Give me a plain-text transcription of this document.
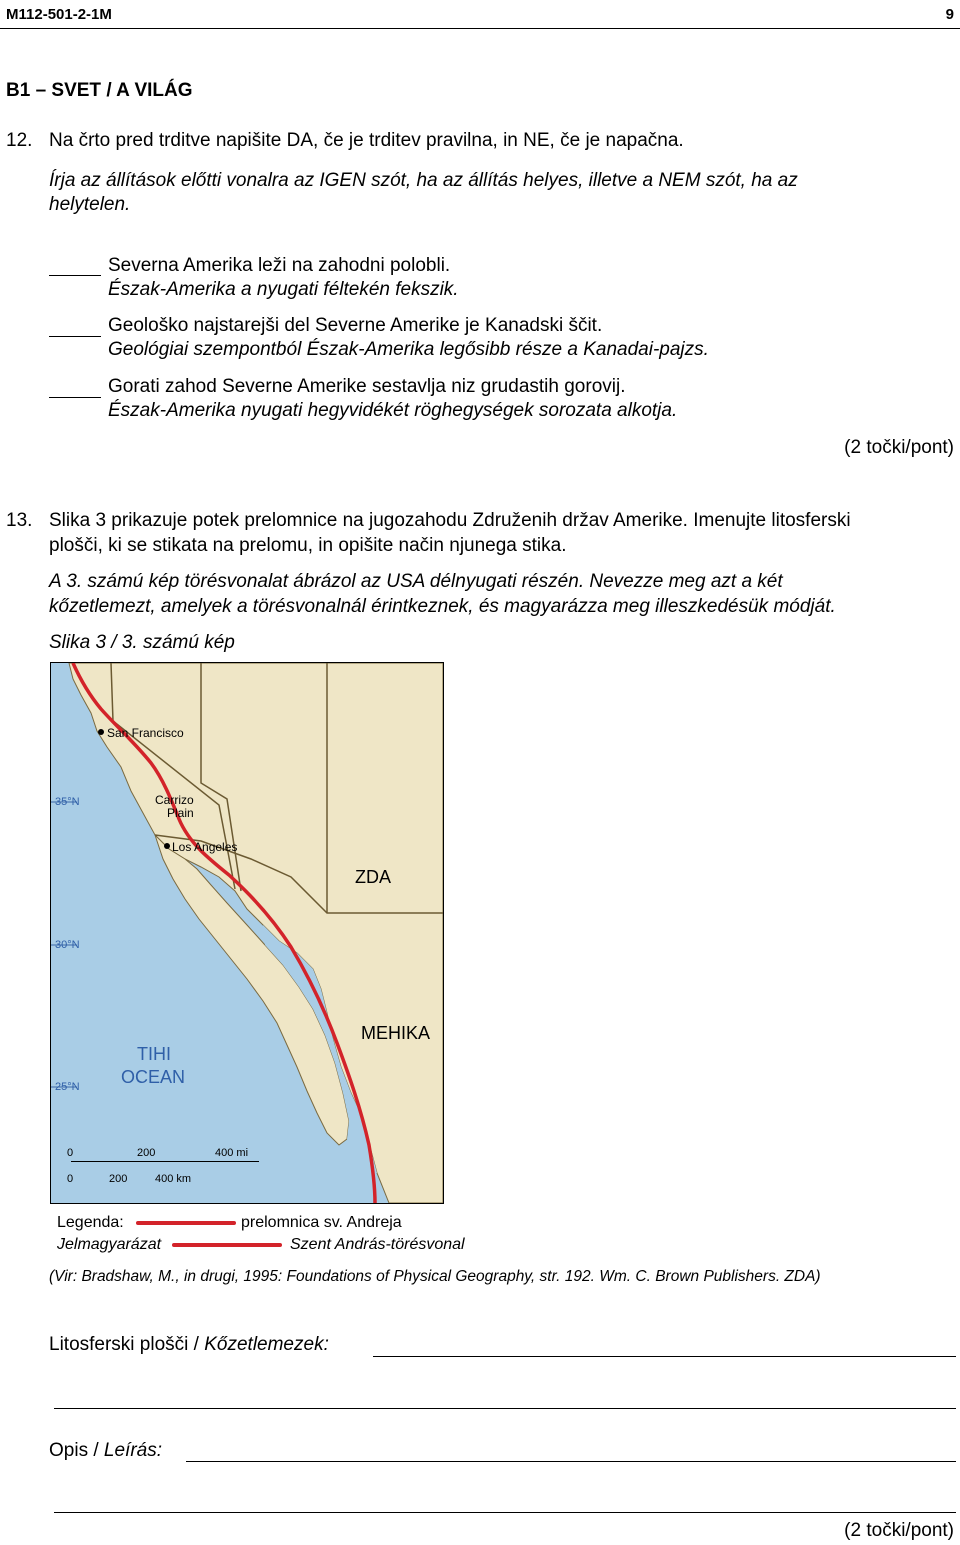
M112-501-2-1M	9
B1 – SVET / A VILÁG
12. Na črto pred trditve napišite DA, če je trditev pravilna, in NE, če je napačna.
Írja az állítások előtti vonalra az IGEN szót, ha az állítás helyes, illetve a NEM szót, ha az
helytelen.
Severna Amerika leži na zahodni polobli.
Észak-Amerika a nyugati féltekén fekszik.
Geološko najstarejši del Severne Amerike je Kanadski ščit.
Geológiai szempontból Észak-Amerika legősibb része a Kanadai-pajzs.
Gorati zahod Severne Amerike sestavlja niz grudastih gorovij.
Észak-Amerika nyugati hegyvidékét röghegységek sorozata alkotja.
(2 točki/pont)
13. Slika 3 prikazuje potek prelomnice na jugozahodu Združenih držav Amerike. Imenujte litosferski
plošči, ki se stikata na prelomu, in opišite način njunega stika.
A 3. számú kép törésvonalat ábrázol az USA délnyugati részén. Nevezze meg azt a két
kőzetlemezt, amelyek a törésvonalnál érintkeznek, és magyarázza meg illeszkedésük módját.
Slika 3 / 3. számú kép
San Francisco
Carrizo
Plain
Los Angeles
ZDA
MEHIKA
TIHI
OCEAN
35°N
30°N
25°N
0	200	400 mi
0	200	400 km
Legenda:	prelomnica sv. Andreja
Jelmagyarázat	Szent András-törésvonal
(Vir: Bradshaw, M., in drugi, 1995: Foundations of Physical Geography, str. 192. Wm. C. Brown Publishers. ZDA)
Litosferski plošči / Kőzetlemezek:
Opis / Leírás:
(2 točki/pont)
